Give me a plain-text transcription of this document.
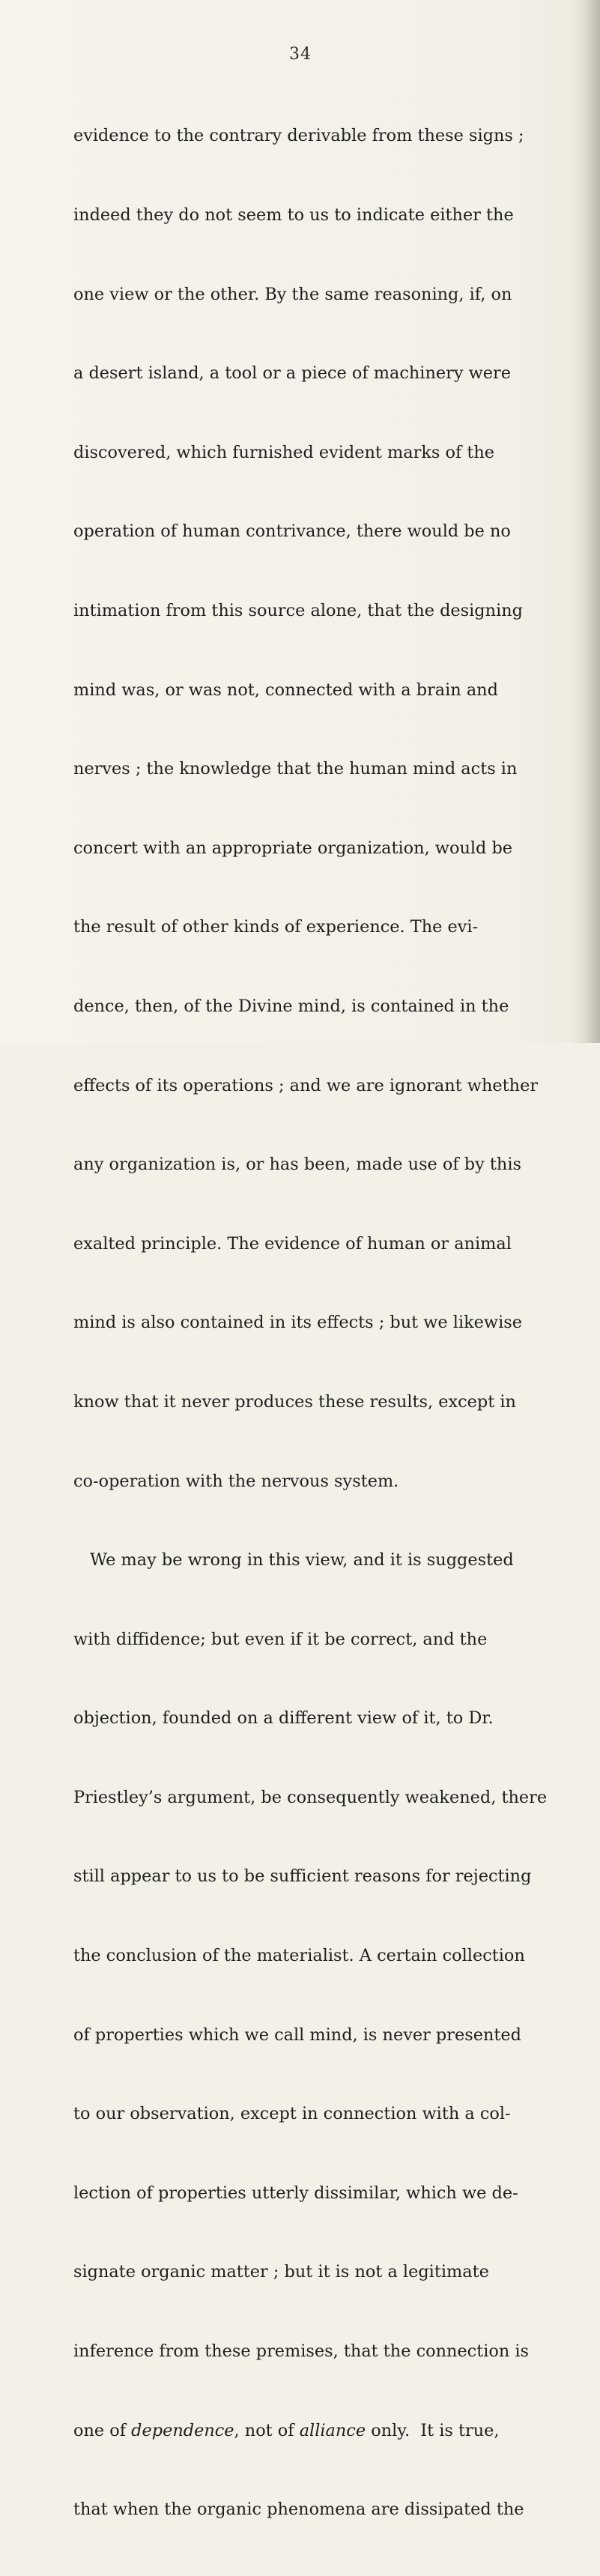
34

evidence to the contrary derivable from these signs ;

indeed they do not seem to us to indicate either the

one view or the other. By the same reasoning, if, on

a desert island, a tool or a piece of machinery were

discovered, which furnished evident marks of the

operation of human contrivance, there would be no

intimation from this source alone, that the designing

mind was, or was not, connected with a brain and

nerves ; the knowledge that the human mind acts in

concert with an appropriate organization, would be

the result of other kinds of experience. The evi-

dence, then, of the Divine mind, is contained in the

effects of its operations ; and we are ignorant whether

any organization is, or has been, made use of by this

exalted principle. The evidence of human or animal

mind is also contained in its effects ; but we likewise

know that it never produces these results, except in

co-operation with the nervous system.

We may be wrong in this view, and it is suggested

with diffidence; but even if it be correct, and the

objection, founded on a different view of it, to Dr.

Priestley’s argument, be consequently weakened, there

still appear to us to be sufficient reasons for rejecting

the conclusion of the materialist. A certain collection

of properties which we call mind, is never presented

to our observation, except in connection with a col-

lection of properties utterly dissimilar, which we de-

signate organic matter ; but it is not a legitimate

inference from these premises, that the connection is

one of dependence, not of alliance only.  It is true,

that when the organic phenomena are dissipated the
